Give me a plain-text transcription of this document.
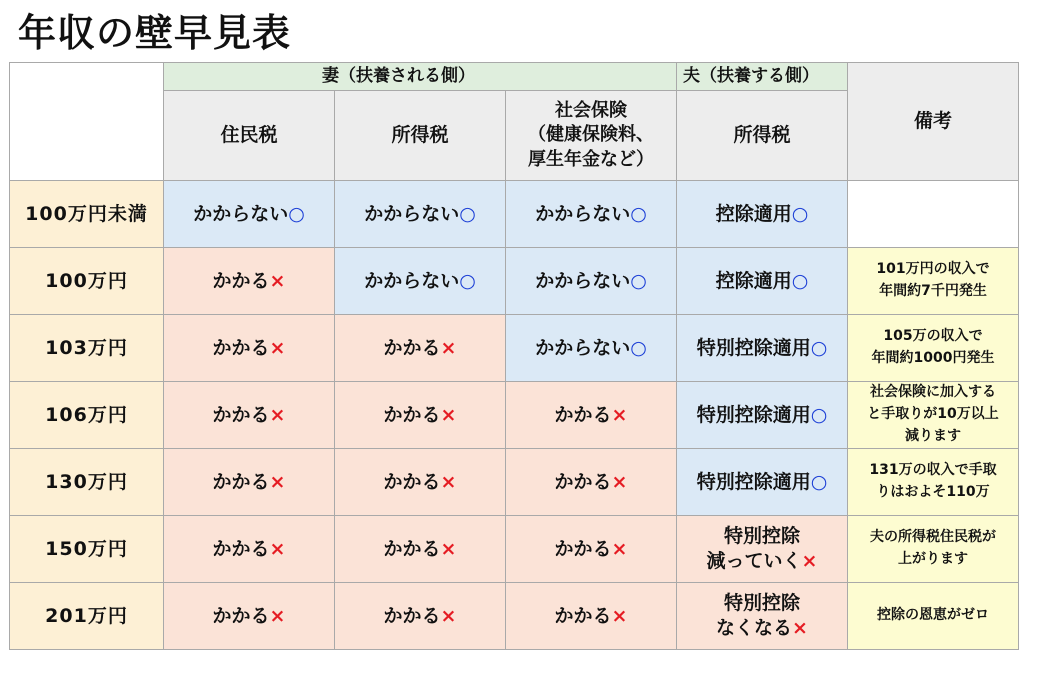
年収の壁早見表
	妻（扶養される側）			夫（扶養する側）	備考
	住民税	所得税	社会保険
（健康保険料、
厚生年金など）	所得税	
100万円未満	かからない○	かからない○	かからない○	控除適用○	
100万円	かかる×	かからない○	かからない○	控除適用○	101万円の収入で
年間約7千円発生
103万円	かかる×	かかる×	かからない○	特別控除適用○	105万の収入で
年間約1000円発生
106万円	かかる×	かかる×	かかる×	特別控除適用○	社会保険に加入する
と手取りが10万以上
減ります
130万円	かかる×	かかる×	かかる×	特別控除適用○	131万の収入で手取
りはおよそ110万
150万円	かかる×	かかる×	かかる×	特別控除
減っていく×	夫の所得税住民税が
上がります
201万円	かかる×	かかる×	かかる×	特別控除
なくなる×	控除の恩恵がゼロ
